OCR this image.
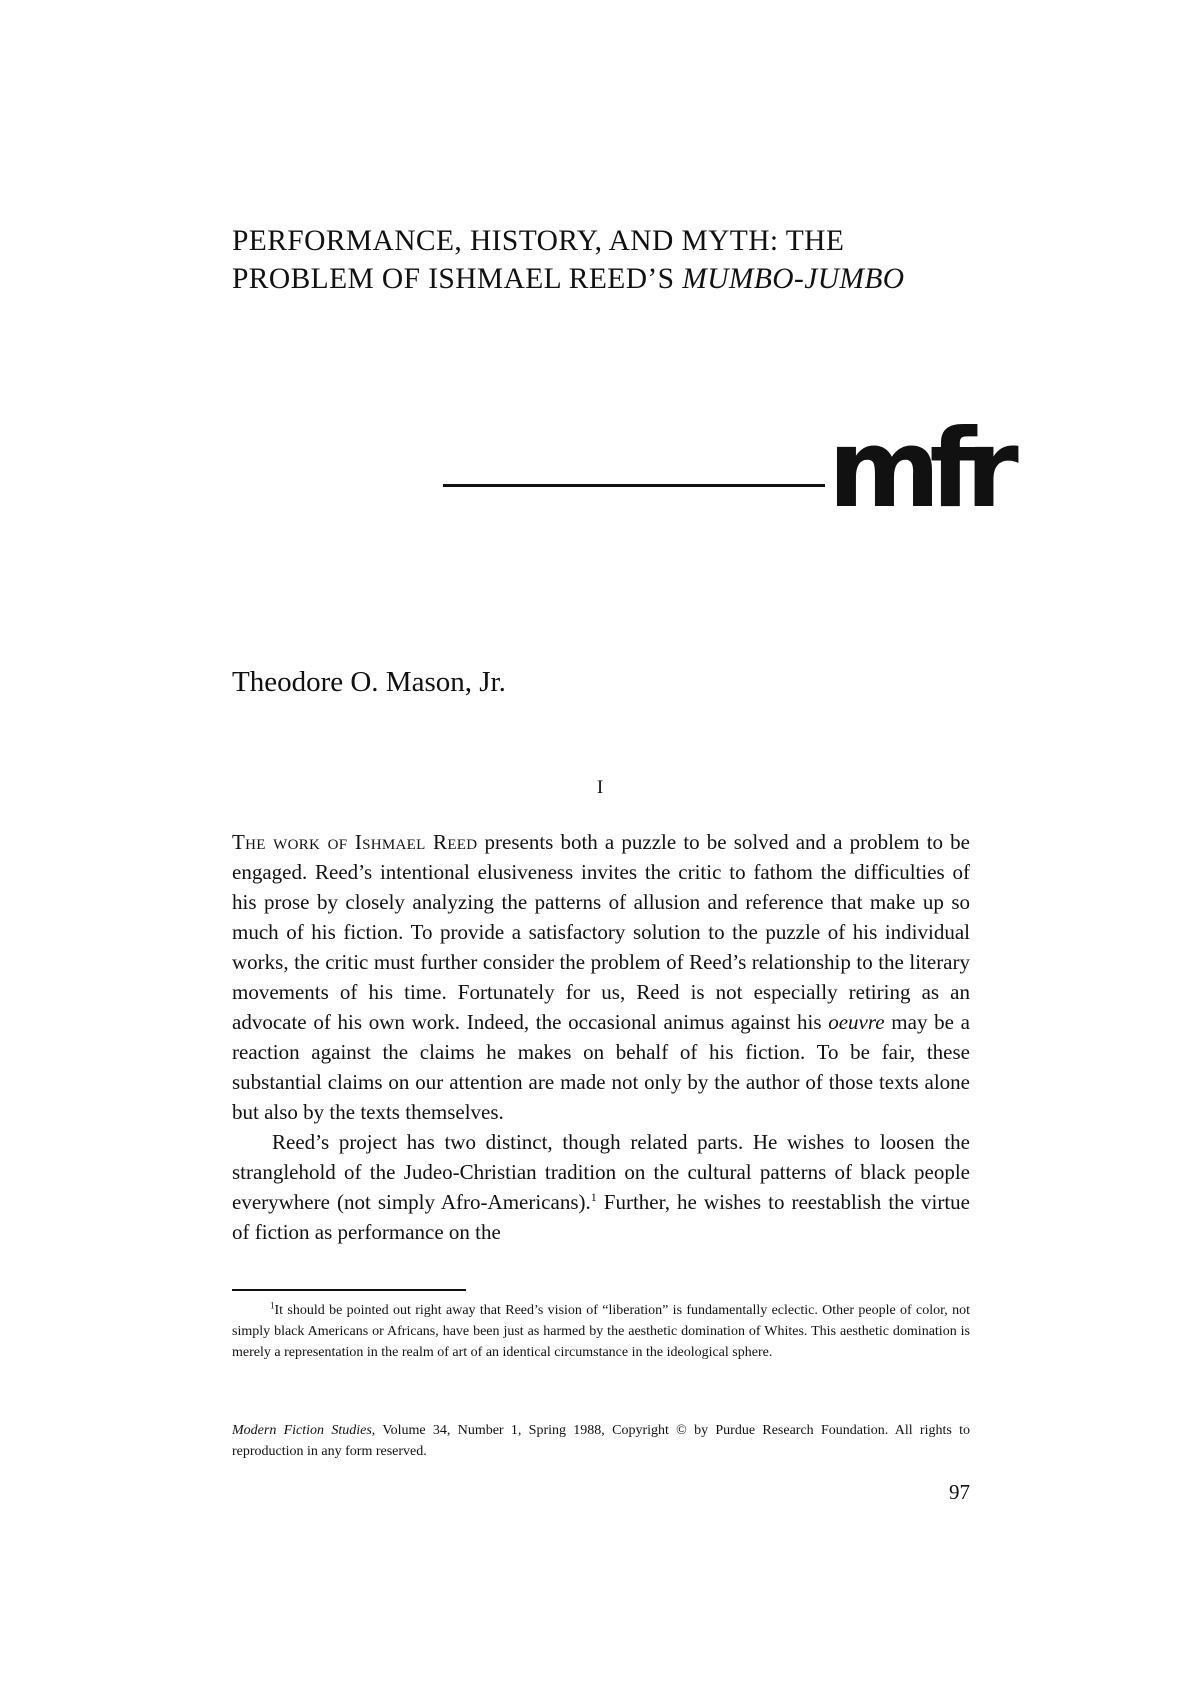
PERFORMANCE, HISTORY, AND MYTH: THE
PROBLEM OF ISHMAEL REED’S MUMBO-JUMBO
mfr
Theodore O. Mason, Jr.
I

The work of Ishmael Reed presents both a puzzle to be solved and a problem to be engaged. Reed’s intentional elusiveness invites the critic to fathom the difficulties of his prose by closely analyzing the patterns of allusion and reference that make up so much of his fiction. To provide a satisfactory solution to the puzzle of his individual works, the critic must further consider the problem of Reed’s relationship to the literary movements of his time. Fortunately for us, Reed is not especially retiring as an advocate of his own work. Indeed, the occasional animus against his oeuvre may be a reaction against the claims he makes on behalf of his fiction. To be fair, these substantial claims on our attention are made not only by the author of those texts alone but also by the texts themselves.

Reed’s project has two distinct, though related parts. He wishes to loosen the stranglehold of the Judeo-Christian tradition on the cultural patterns of black people everywhere (not simply Afro-Americans).$^1$ Further, he wishes to reestablish the virtue of fiction as performance on the

$^1$It should be pointed out right away that Reed’s vision of “liberation” is fundamentally eclectic. Other people of color, not simply black Americans or Africans, have been just as harmed by the aesthetic domination of Whites. This aesthetic domination is merely a representation in the realm of art of an identical circumstance in the ideological sphere.

Modern Fiction Studies, Volume 34, Number 1, Spring 1988, Copyright © by Purdue Research Foundation. All rights to reproduction in any form reserved.

97
